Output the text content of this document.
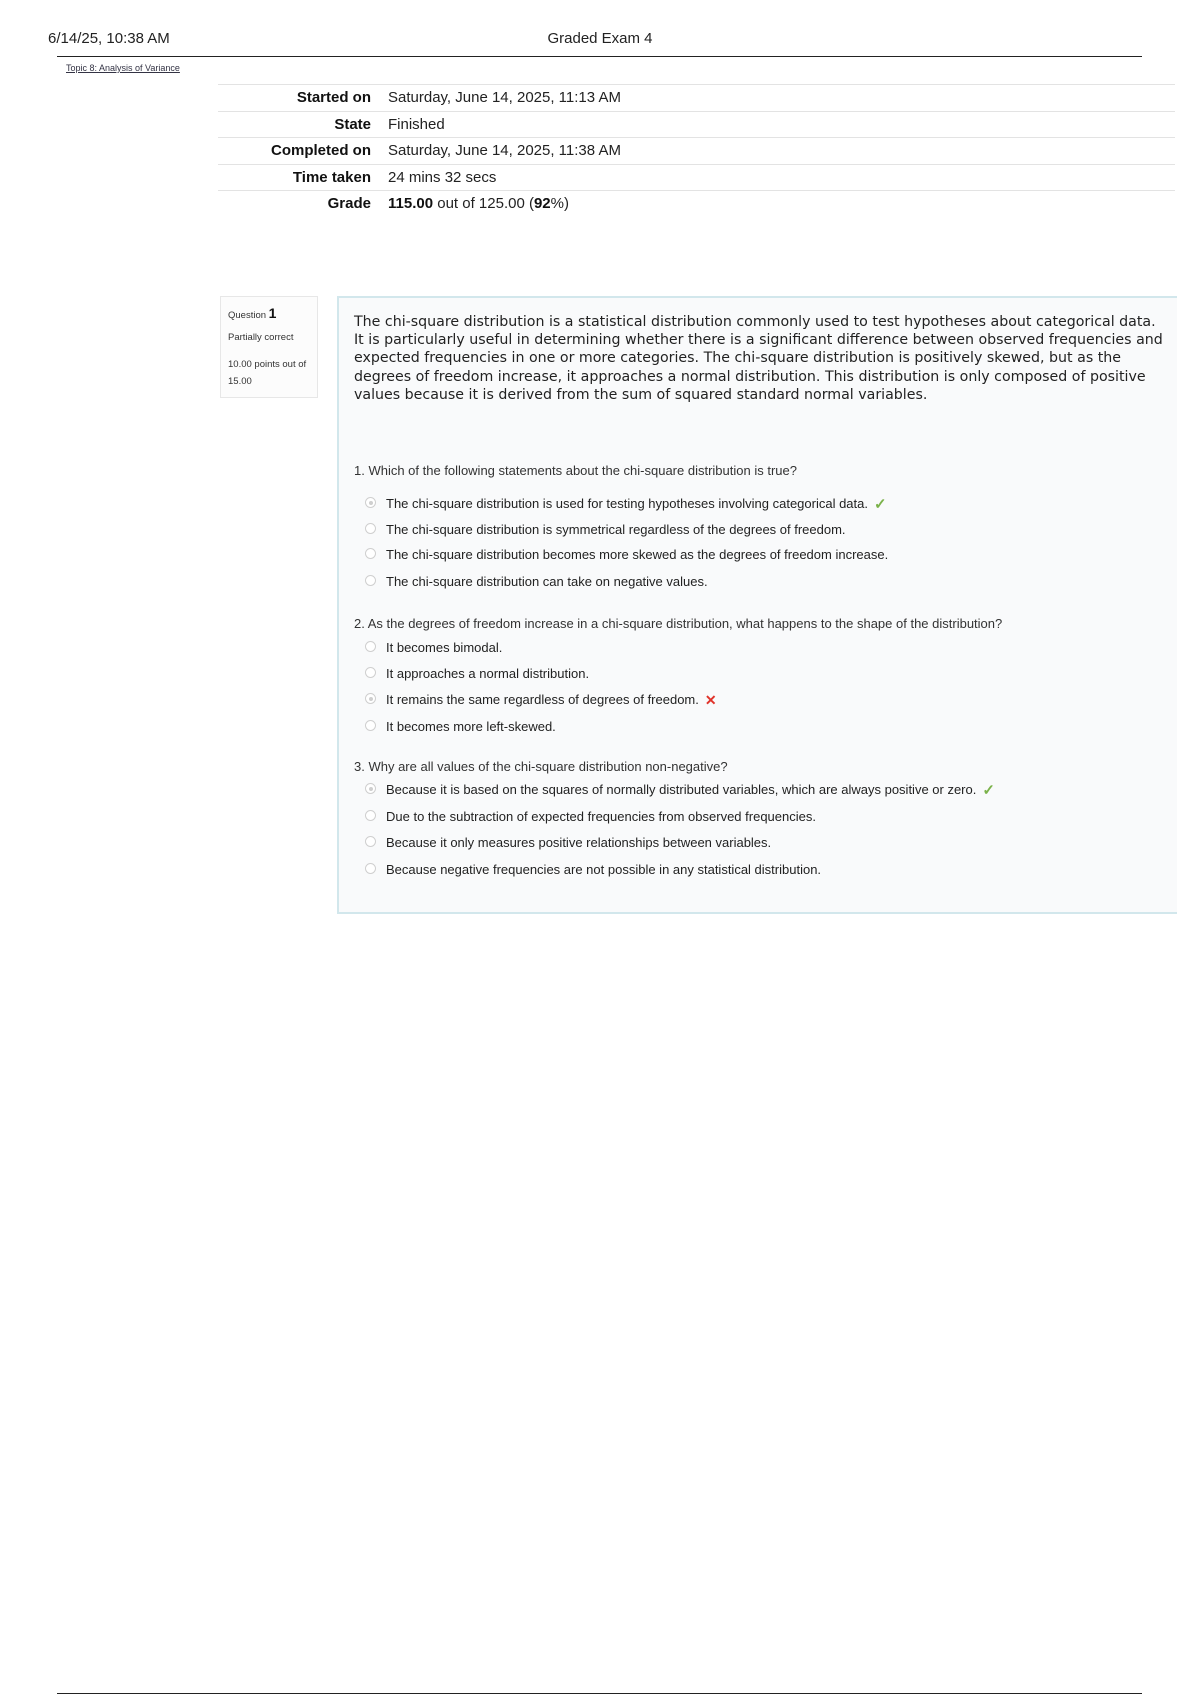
6/14/25, 10:38 AM	Graded Exam 4
Topic 8: Analysis of Variance
Started on	Saturday, June 14, 2025, 11:13 AM
State	Finished
Completed on	Saturday, June 14, 2025, 11:38 AM
Time taken	24 mins 32 secs
Grade	115.00 out of 125.00 (92%)
Question 1
Partially correct
10.00 points out of 15.00
The chi-square distribution is a statistical distribution commonly used to test hypotheses about categorical data. It is particularly useful in determining whether there is a significant difference between observed frequencies and expected frequencies in one or more categories. The chi-square distribution is positively skewed, but as the degrees of freedom increase, it approaches a normal distribution. This distribution is only composed of positive values because it is derived from the sum of squared standard normal variables.
1. Which of the following statements about the chi-square distribution is true?
The chi-square distribution is used for testing hypotheses involving categorical data. ✓
The chi-square distribution is symmetrical regardless of the degrees of freedom.
The chi-square distribution becomes more skewed as the degrees of freedom increase.
The chi-square distribution can take on negative values.
2. As the degrees of freedom increase in a chi-square distribution, what happens to the shape of the distribution?
It becomes bimodal.
It approaches a normal distribution.
It remains the same regardless of degrees of freedom. ✕
It becomes more left-skewed.
3. Why are all values of the chi-square distribution non-negative?
Because it is based on the squares of normally distributed variables, which are always positive or zero. ✓
Due to the subtraction of expected frequencies from observed frequencies.
Because it only measures positive relationships between variables.
Because negative frequencies are not possible in any statistical distribution.
